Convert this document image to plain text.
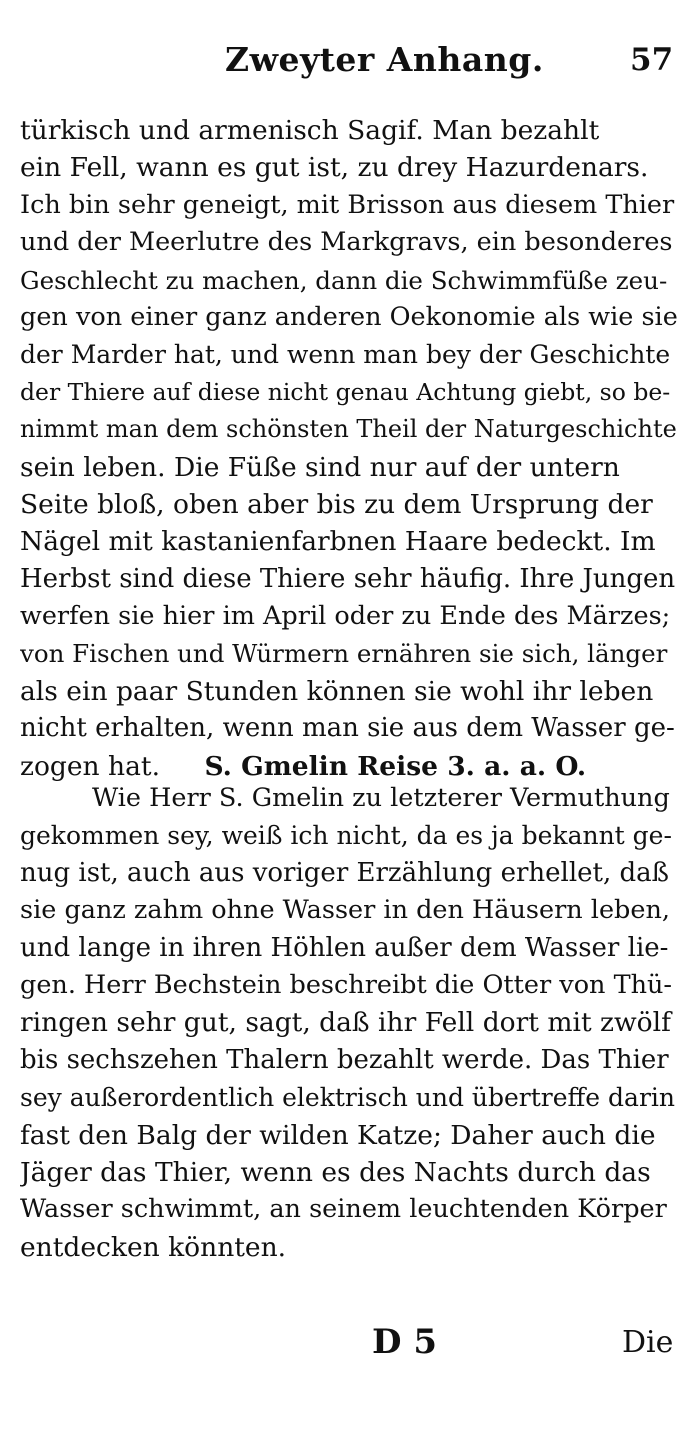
Zweyter Anhang.	57
türkisch und armenisch Sagif. Man bezahlt
ein Fell, wann es gut ist, zu drey Hazurdenars.
Ich bin sehr geneigt, mit Brisson aus diesem Thier
und der Meerlutre des Markgravs, ein besonderes
Geschlecht zu machen, dann die Schwimmfüße zeu-
gen von einer ganz anderen Oekonomie als wie sie
der Marder hat, und wenn man bey der Geschichte
der Thiere auf diese nicht genau Achtung giebt, so be-
nimmt man dem schönsten Theil der Naturgeschichte
sein leben. Die Füße sind nur auf der untern
Seite bloß, oben aber bis zu dem Ursprung der
Nägel mit kastanienfarbnen Haare bedeckt. Im
Herbst sind diese Thiere sehr häufig. Ihre Jungen
werfen sie hier im April oder zu Ende des Märzes;
von Fischen und Würmern ernähren sie sich, länger
als ein paar Stunden können sie wohl ihr leben
nicht erhalten, wenn man sie aus dem Wasser ge-
zogen hat. S. Gmelin Reise 3. a. a. O.
Wie Herr S. Gmelin zu letzterer Vermuthung
gekommen sey, weiß ich nicht, da es ja bekannt ge-
nug ist, auch aus voriger Erzählung erhellet, daß
sie ganz zahm ohne Wasser in den Häusern leben,
und lange in ihren Höhlen außer dem Wasser lie-
gen. Herr Bechstein beschreibt die Otter von Thü-
ringen sehr gut, sagt, daß ihr Fell dort mit zwölf
bis sechszehen Thalern bezahlt werde. Das Thier
sey außerordentlich elektrisch und übertreffe darin
fast den Balg der wilden Katze; Daher auch die
Jäger das Thier, wenn es des Nachts durch das
Wasser schwimmt, an seinem leuchtenden Körper
entdecken könnten.
D 5	Die
